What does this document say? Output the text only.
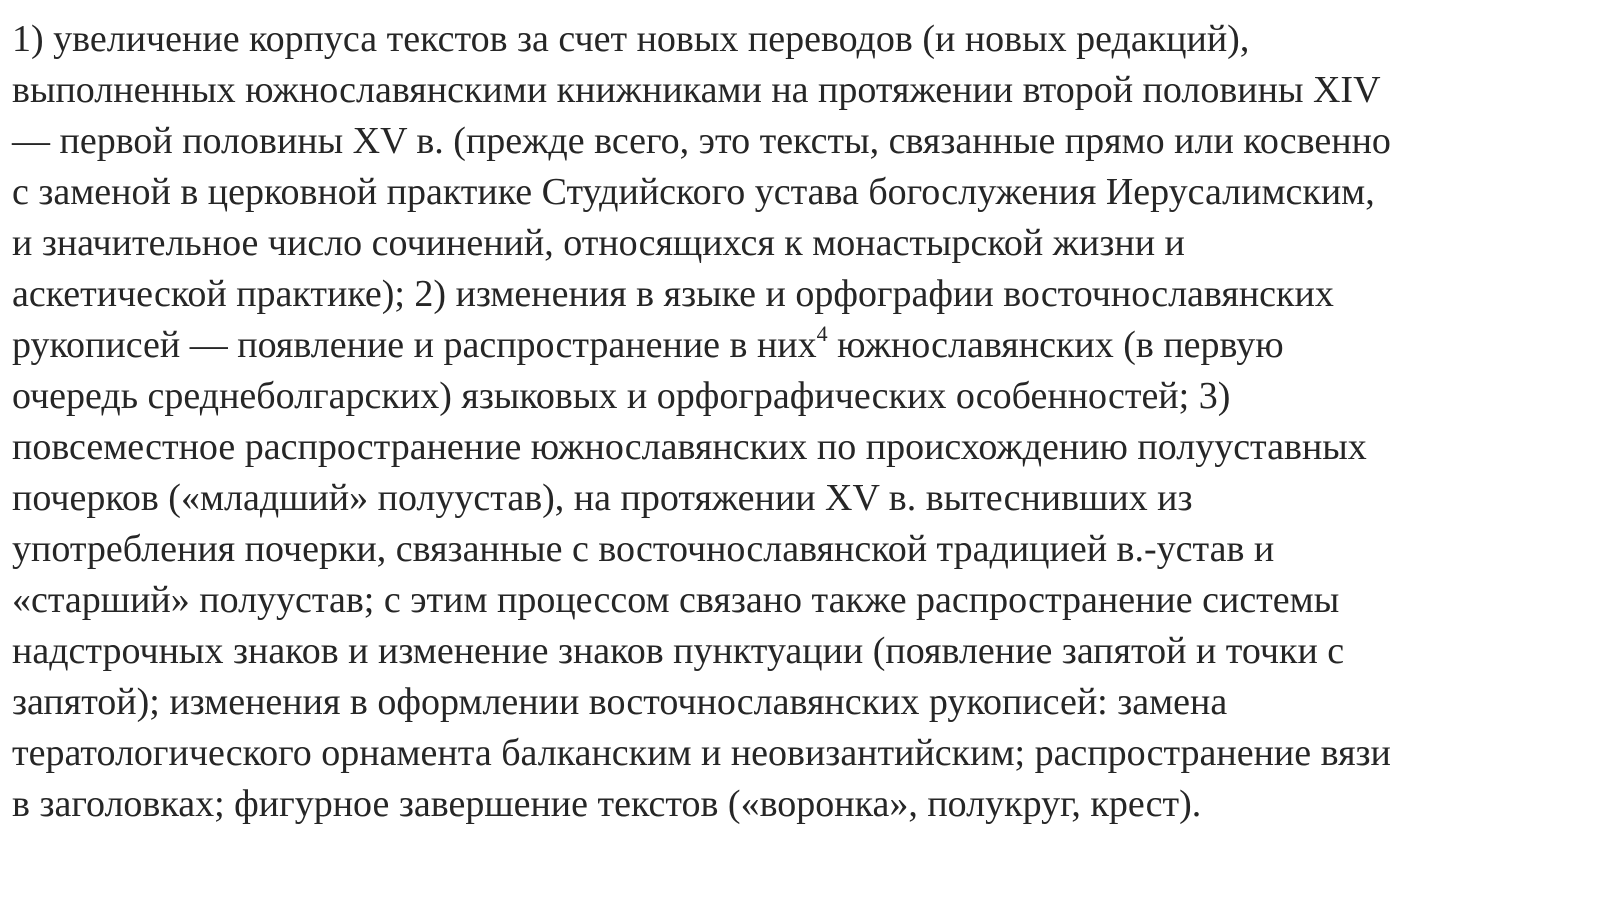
1) увеличение корпуса текстов за счет новых переводов (и новых редакций),
выполненных южнославянскими книжниками на протяжении второй половины XIV
— первой половины XV в. (прежде всего, это тексты, связанные прямо или косвенно
с заменой в церковной практике Студийского устава богослужения Иерусалимским,
и значительное число сочинений, относящихся к монастырской жизни и
аскетической практике); 2) изменения в языке и орфографии восточнославянских
рукописей — появление и распространение в них$^4$ южнославянских (в первую
очередь среднеболгарских) языковых и орфографических особенностей; 3)
повсеместное распространение южнославянских по происхождению полууставных
почерков («младший» полуустав), на протяжении XV в. вытеснивших из
употребления почерки, связанные с восточнославянской традицией в.-устав и
«старший» полуустав; с этим процессом связано также распространение системы
надстрочных знаков и изменение знаков пунктуации (появление запятой и точки с
запятой); изменения в оформлении восточнославянских рукописей: замена
тератологического орнамента балканским и неовизантийским; распространение вязи
в заголовках; фигурное завершение текстов («воронка», полукруг, крест).
